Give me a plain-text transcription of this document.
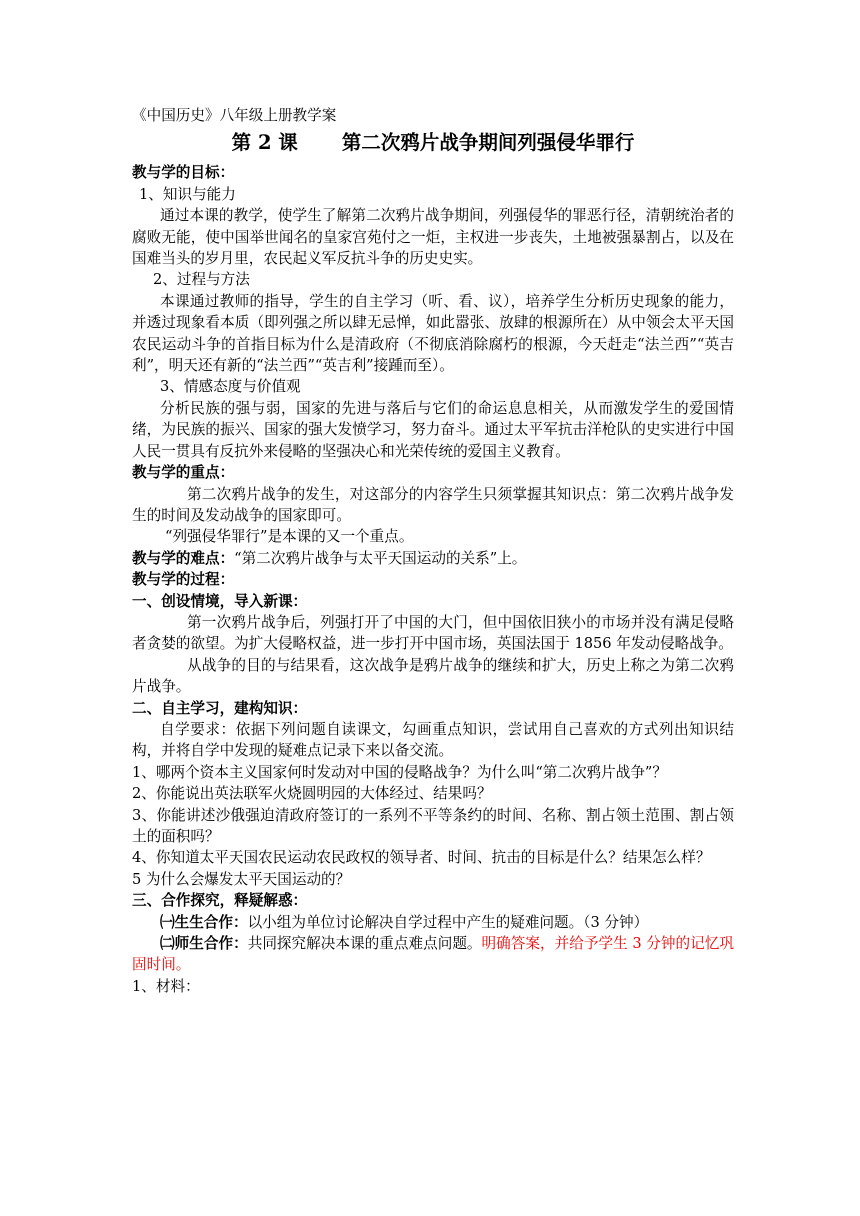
《中国历史》八年级上册教学案

第 2 课 第二次鸦片战争期间列强侵华罪行

教与学的目标：

1、知识与能力

通过本课的教学，使学生了解第二次鸦片战争期间，列强侵华的罪恶行径，清朝统治者的腐败无能，使中国举世闻名的皇家宫苑付之一炬，主权进一步丧失，土地被强暴割占，以及在国难当头的岁月里，农民起义军反抗斗争的历史史实。

2、过程与方法

本课通过教师的指导，学生的自主学习（听、看、议），培养学生分析历史现象的能力，并透过现象看本质（即列强之所以肆无忌惮，如此嚣张、放肆的根源所在）从中领会太平天国农民运动斗争的首指目标为什么是清政府（不彻底消除腐朽的根源，今天赶走“法兰西”“英吉利”，明天还有新的“法兰西”“英吉利”接踵而至）。

3、情感态度与价值观

分析民族的强与弱，国家的先进与落后与它们的命运息息相关，从而激发学生的爱国情绪，为民族的振兴、国家的强大发愤学习，努力奋斗。通过太平军抗击洋枪队的史实进行中国人民一贯具有反抗外来侵略的坚强决心和光荣传统的爱国主义教育。

教与学的重点：

第二次鸦片战争的发生，对这部分的内容学生只须掌握其知识点：第二次鸦片战争发生的时间及发动战争的国家即可。

“列强侵华罪行”是本课的又一个重点。

教与学的难点：“第二次鸦片战争与太平天国运动的关系”上。

教与学的过程：

一、创设情境，导入新课：

第一次鸦片战争后，列强打开了中国的大门，但中国依旧狭小的市场并没有满足侵略者贪婪的欲望。为扩大侵略权益，进一步打开中国市场，英国法国于 1856 年发动侵略战争。

从战争的目的与结果看，这次战争是鸦片战争的继续和扩大，历史上称之为第二次鸦片战争。

二、自主学习，建构知识：

自学要求：依据下列问题自读课文，勾画重点知识，尝试用自己喜欢的方式列出知识结构，并将自学中发现的疑难点记录下来以备交流。

1、哪两个资本主义国家何时发动对中国的侵略战争？为什么叫“第二次鸦片战争”？

2、你能说出英法联军火烧圆明园的大体经过、结果吗？

3、你能讲述沙俄强迫清政府签订的一系列不平等条约的时间、名称、割占领土范围、割占领土的面积吗？

4、你知道太平天国农民运动农民政权的领导者、时间、抗击的目标是什么？结果怎么样？

5 为什么会爆发太平天国运动的？

三、合作探究，释疑解惑：

㈠生生合作：以小组为单位讨论解决自学过程中产生的疑难问题。（3 分钟）

㈡师生合作：共同探究解决本课的重点难点问题。明确答案，并给予学生 3 分钟的记忆巩固时间。

1、材料：
